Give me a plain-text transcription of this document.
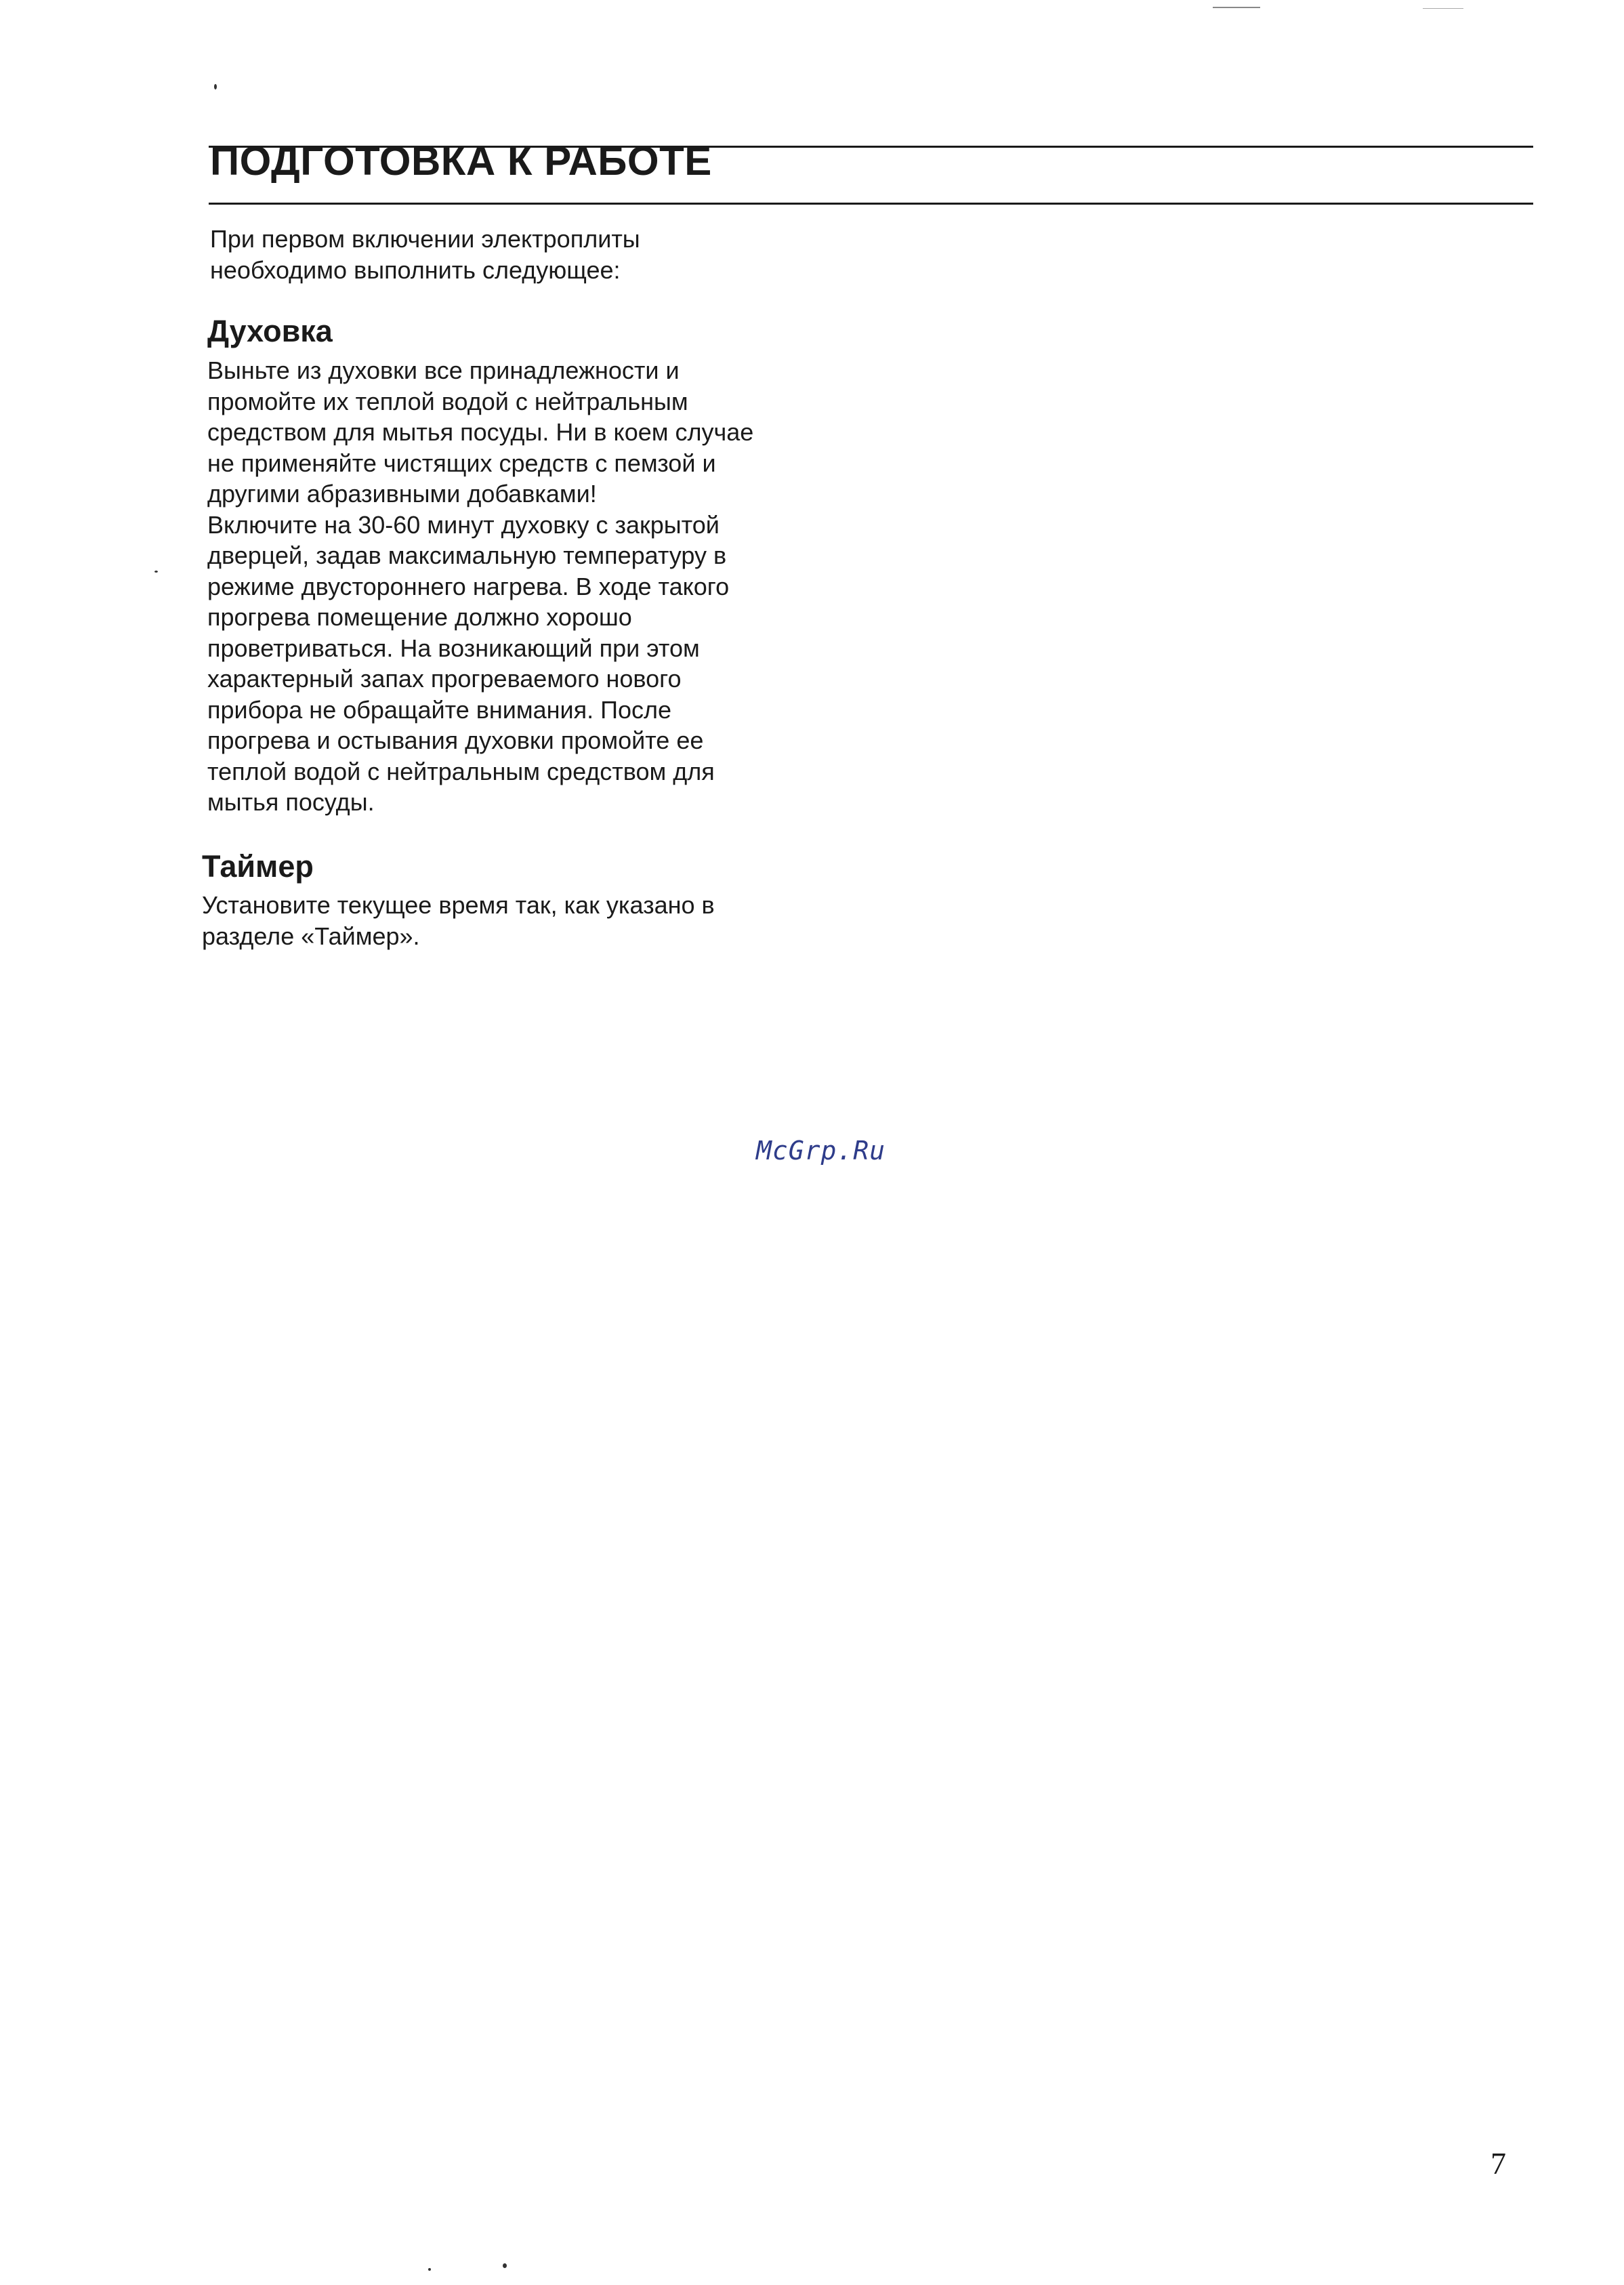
ПОДГОТОВКА К РАБОТЕ

При первом включении электроплиты
необходимо выполнить следующее:

Духовка

Выньте из духовки все принадлежности и
промойте их теплой водой с нейтральным
средством для мытья посуды. Ни в коем случае
не применяйте чистящих средств с пемзой и
другими абразивными добавками!
Включите на 30-60 минут духовку с закрытой
дверцей, задав максимальную температуру в
режиме двустороннего нагрева. В ходе такого
прогрева помещение должно хорошо
проветриваться. На возникающий при этом
характерный запах прогреваемого нового
прибора не обращайте внимания. После
прогрева и остывания духовки промойте ее
теплой водой с нейтральным средством для
мытья посуды.

Таймер

Установите текущее время так, как указано в
разделе «Таймер».

McGrp.Ru
7
